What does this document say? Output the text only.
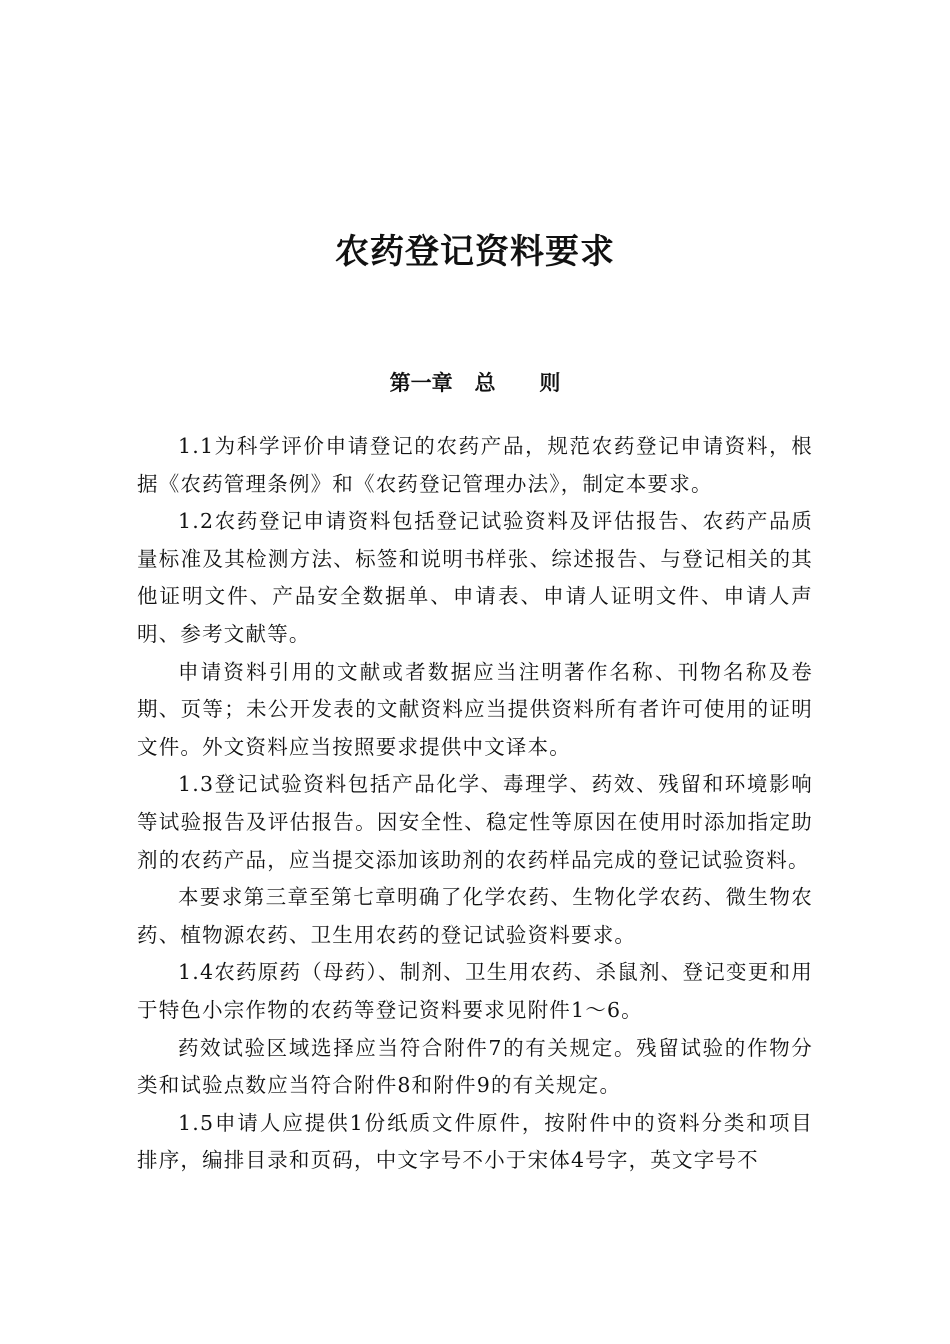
农药登记资料要求
第一章   总      则

1.1为科学评价申请登记的农药产品，规范农药登记申请资料，根据《农药管理条例》和《农药登记管理办法》，制定本要求。

1.2农药登记申请资料包括登记试验资料及评估报告、农药产品质量标准及其检测方法、标签和说明书样张、综述报告、与登记相关的其他证明文件、产品安全数据单、申请表、申请人证明文件、申请人声明、参考文献等。

申请资料引用的文献或者数据应当注明著作名称、刊物名称及卷期、页等；未公开发表的文献资料应当提供资料所有者许可使用的证明文件。外文资料应当按照要求提供中文译本。

1.3登记试验资料包括产品化学、毒理学、药效、残留和环境影响等试验报告及评估报告。因安全性、稳定性等原因在使用时添加指定助剂的农药产品，应当提交添加该助剂的农药样品完成的登记试验资料。

本要求第三章至第七章明确了化学农药、生物化学农药、微生物农药、植物源农药、卫生用农药的登记试验资料要求。

1.4农药原药（母药）、制剂、卫生用农药、杀鼠剂、登记变更和用于特色小宗作物的农药等登记资料要求见附件1～6。

药效试验区域选择应当符合附件7的有关规定。残留试验的作物分类和试验点数应当符合附件8和附件9的有关规定。

1.5申请人应提供1份纸质文件原件，按附件中的资料分类和项目排序，编排目录和页码，中文字号不小于宋体4号字，英文字号不
